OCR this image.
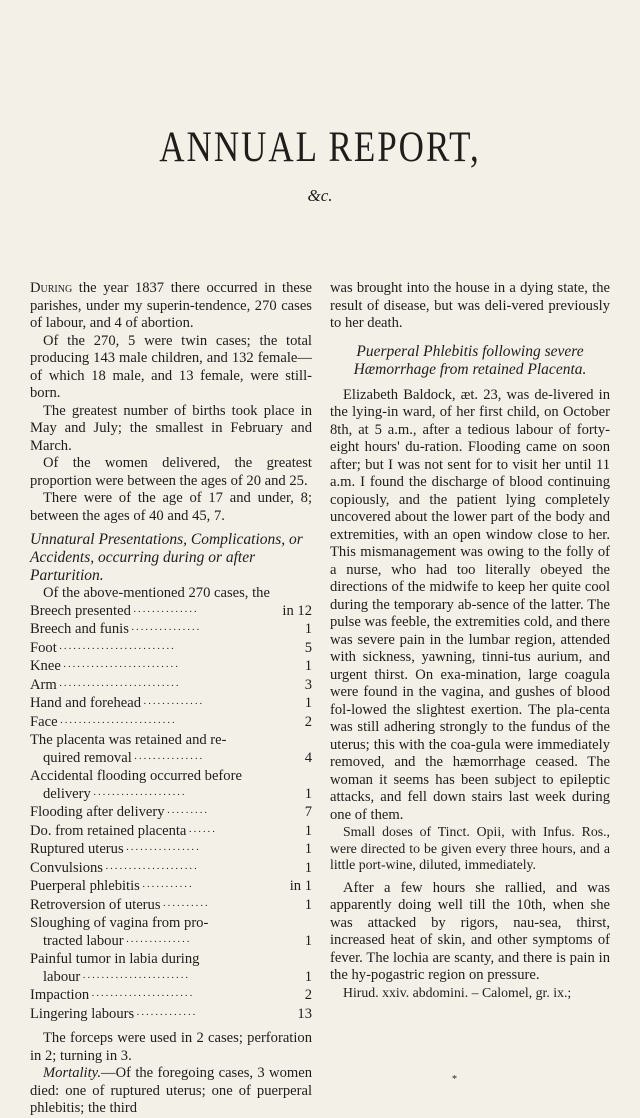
ANNUAL REPORT,
&c.

During the year 1837 there occurred in these parishes, under my superin-tendence, 270 cases of labour, and 4 of abortion.

Of the 270, 5 were twin cases; the total producing 143 male children, and 132 female—of which 18 male, and 13 female, were still-born.

The greatest number of births took place in May and July; the smallest in February and March.

Of the women delivered, the greatest proportion were between the ages of 20 and 25.

There were of the age of 17 and under, 8; between the ages of 40 and 45, 7.

Unnatural Presentations, Complications, or Accidents, occurring during or after Parturition.

Of the above-mentioned 270 cases, the

Breech presented ··············	in 12
Breech and funis ···············	1
Foot ·························	5
Knee ·························	1
Arm ··························	3
Hand and forehead ·············	1
Face ·························	2
The placenta was retained and re-
quired removal ···············	4
Accidental flooding occurred before
delivery ····················	1
Flooding after delivery ·········	7
Do. from retained placenta ······	1
Ruptured uterus ················	1
Convulsions ····················	1
Puerperal phlebitis ···········	in 1
Retroversion of uterus ··········	1
Sloughing of vagina from pro-
tracted labour ··············	1
Painful tumor in labia during
labour ·······················	1
Impaction ······················	2
Lingering labours ·············	13

The forceps were used in 2 cases; perforation in 2; turning in 3.

Mortality.—Of the foregoing cases, 3 women died: one of ruptured uterus; one of puerperal phlebitis; the third

was brought into the house in a dying state, the result of disease, but was deli-vered previously to her death.

Puerperal Phlebitis following severe Hæmorrhage from retained Placenta.

Elizabeth Baldock, æt. 23, was de-livered in the lying-in ward, of her first child, on October 8th, at 5 a.m., after a tedious labour of forty-eight hours' du-ration. Flooding came on soon after; but I was not sent for to visit her until 11 a.m. I found the discharge of blood continuing copiously, and the patient lying completely uncovered about the lower part of the body and extremities, with an open window close to her. This mismanagement was owing to the folly of a nurse, who had too literally obeyed the directions of the midwife to keep her quite cool during the temporary ab-sence of the latter. The pulse was feeble, the extremities cold, and there was severe pain in the lumbar region, attended with sickness, yawning, tinni-tus aurium, and urgent thirst. On exa-mination, large coagula were found in the vagina, and gushes of blood fol-lowed the slightest exertion. The pla-centa was still adhering strongly to the fundus of the uterus; this with the coa-gula were immediately removed, and the hæmorrhage ceased. The woman it seems has been subject to epileptic attacks, and fell down stairs last week during one of them.

Small doses of Tinct. Opii, with Infus. Ros., were directed to be given every three hours, and a little port-wine, diluted, immediately.

After a few hours she rallied, and was apparently doing well till the 10th, when she was attacked by rigors, nau-sea, thirst, increased heat of skin, and other symptoms of fever. The lochia are scanty, and there is pain in the hy-pogastric region on pressure.

Hirud. xxiv. abdomini. – Calomel, gr. ix.;

*
